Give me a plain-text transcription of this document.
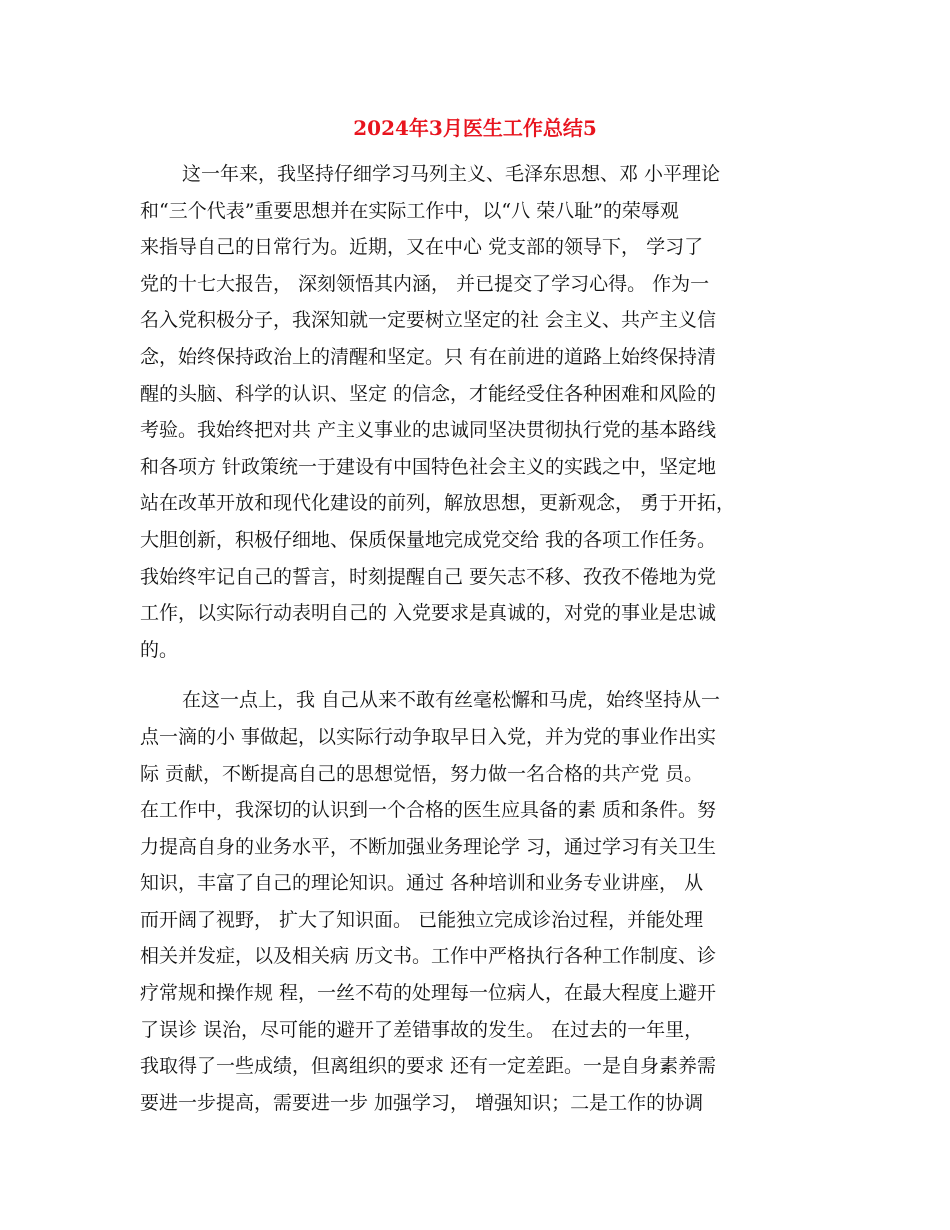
2024年3月医生工作总结5
这一年来，我坚持仔细学习马列主义、毛泽东思想、邓 小平理论
和“三个代表”重要思想并在实际工作中，以“八 荣八耻”的荣辱观
来指导自己的日常行为。近期，又在中心 党支部的领导下， 学习了
党的十七大报告， 深刻领悟其内涵， 并已提交了学习心得。 作为一
名入党积极分子，我深知就一定要树立坚定的社 会主义、共产主义信
念，始终保持政治上的清醒和坚定。只 有在前进的道路上始终保持清
醒的头脑、科学的认识、坚定 的信念，才能经受住各种困难和风险的
考验。我始终把对共 产主义事业的忠诚同坚决贯彻执行党的基本路线
和各项方 针政策统一于建设有中国特色社会主义的实践之中，坚定地
站在改革开放和现代化建设的前列，解放思想，更新观念， 勇于开拓，
大胆创新，积极仔细地、保质保量地完成党交给 我的各项工作任务。
我始终牢记自己的誓言，时刻提醒自己 要矢志不移、孜孜不倦地为党
工作，以实际行动表明自己的 入党要求是真诚的，对党的事业是忠诚
的。
在这一点上，我 自己从来不敢有丝毫松懈和马虎，始终坚持从一
点一滴的小 事做起，以实际行动争取早日入党，并为党的事业作出实
际 贡献，不断提高自己的思想觉悟，努力做一名合格的共产党 员。
在工作中，我深切的认识到一个合格的医生应具备的素 质和条件。努
力提高自身的业务水平，不断加强业务理论学 习，通过学习有关卫生
知识，丰富了自己的理论知识。通过 各种培训和业务专业讲座， 从
而开阔了视野， 扩大了知识面。 已能独立完成诊治过程，并能处理
相关并发症，以及相关病 历文书。工作中严格执行各种工作制度、诊
疗常规和操作规 程，一丝不苟的处理每一位病人，在最大程度上避开
了误诊 误治，尽可能的避开了差错事故的发生。 在过去的一年里，
我取得了一些成绩，但离组织的要求 还有一定差距。一是自身素养需
要进一步提高，需要进一步 加强学习， 增强知识；二是工作的协调
